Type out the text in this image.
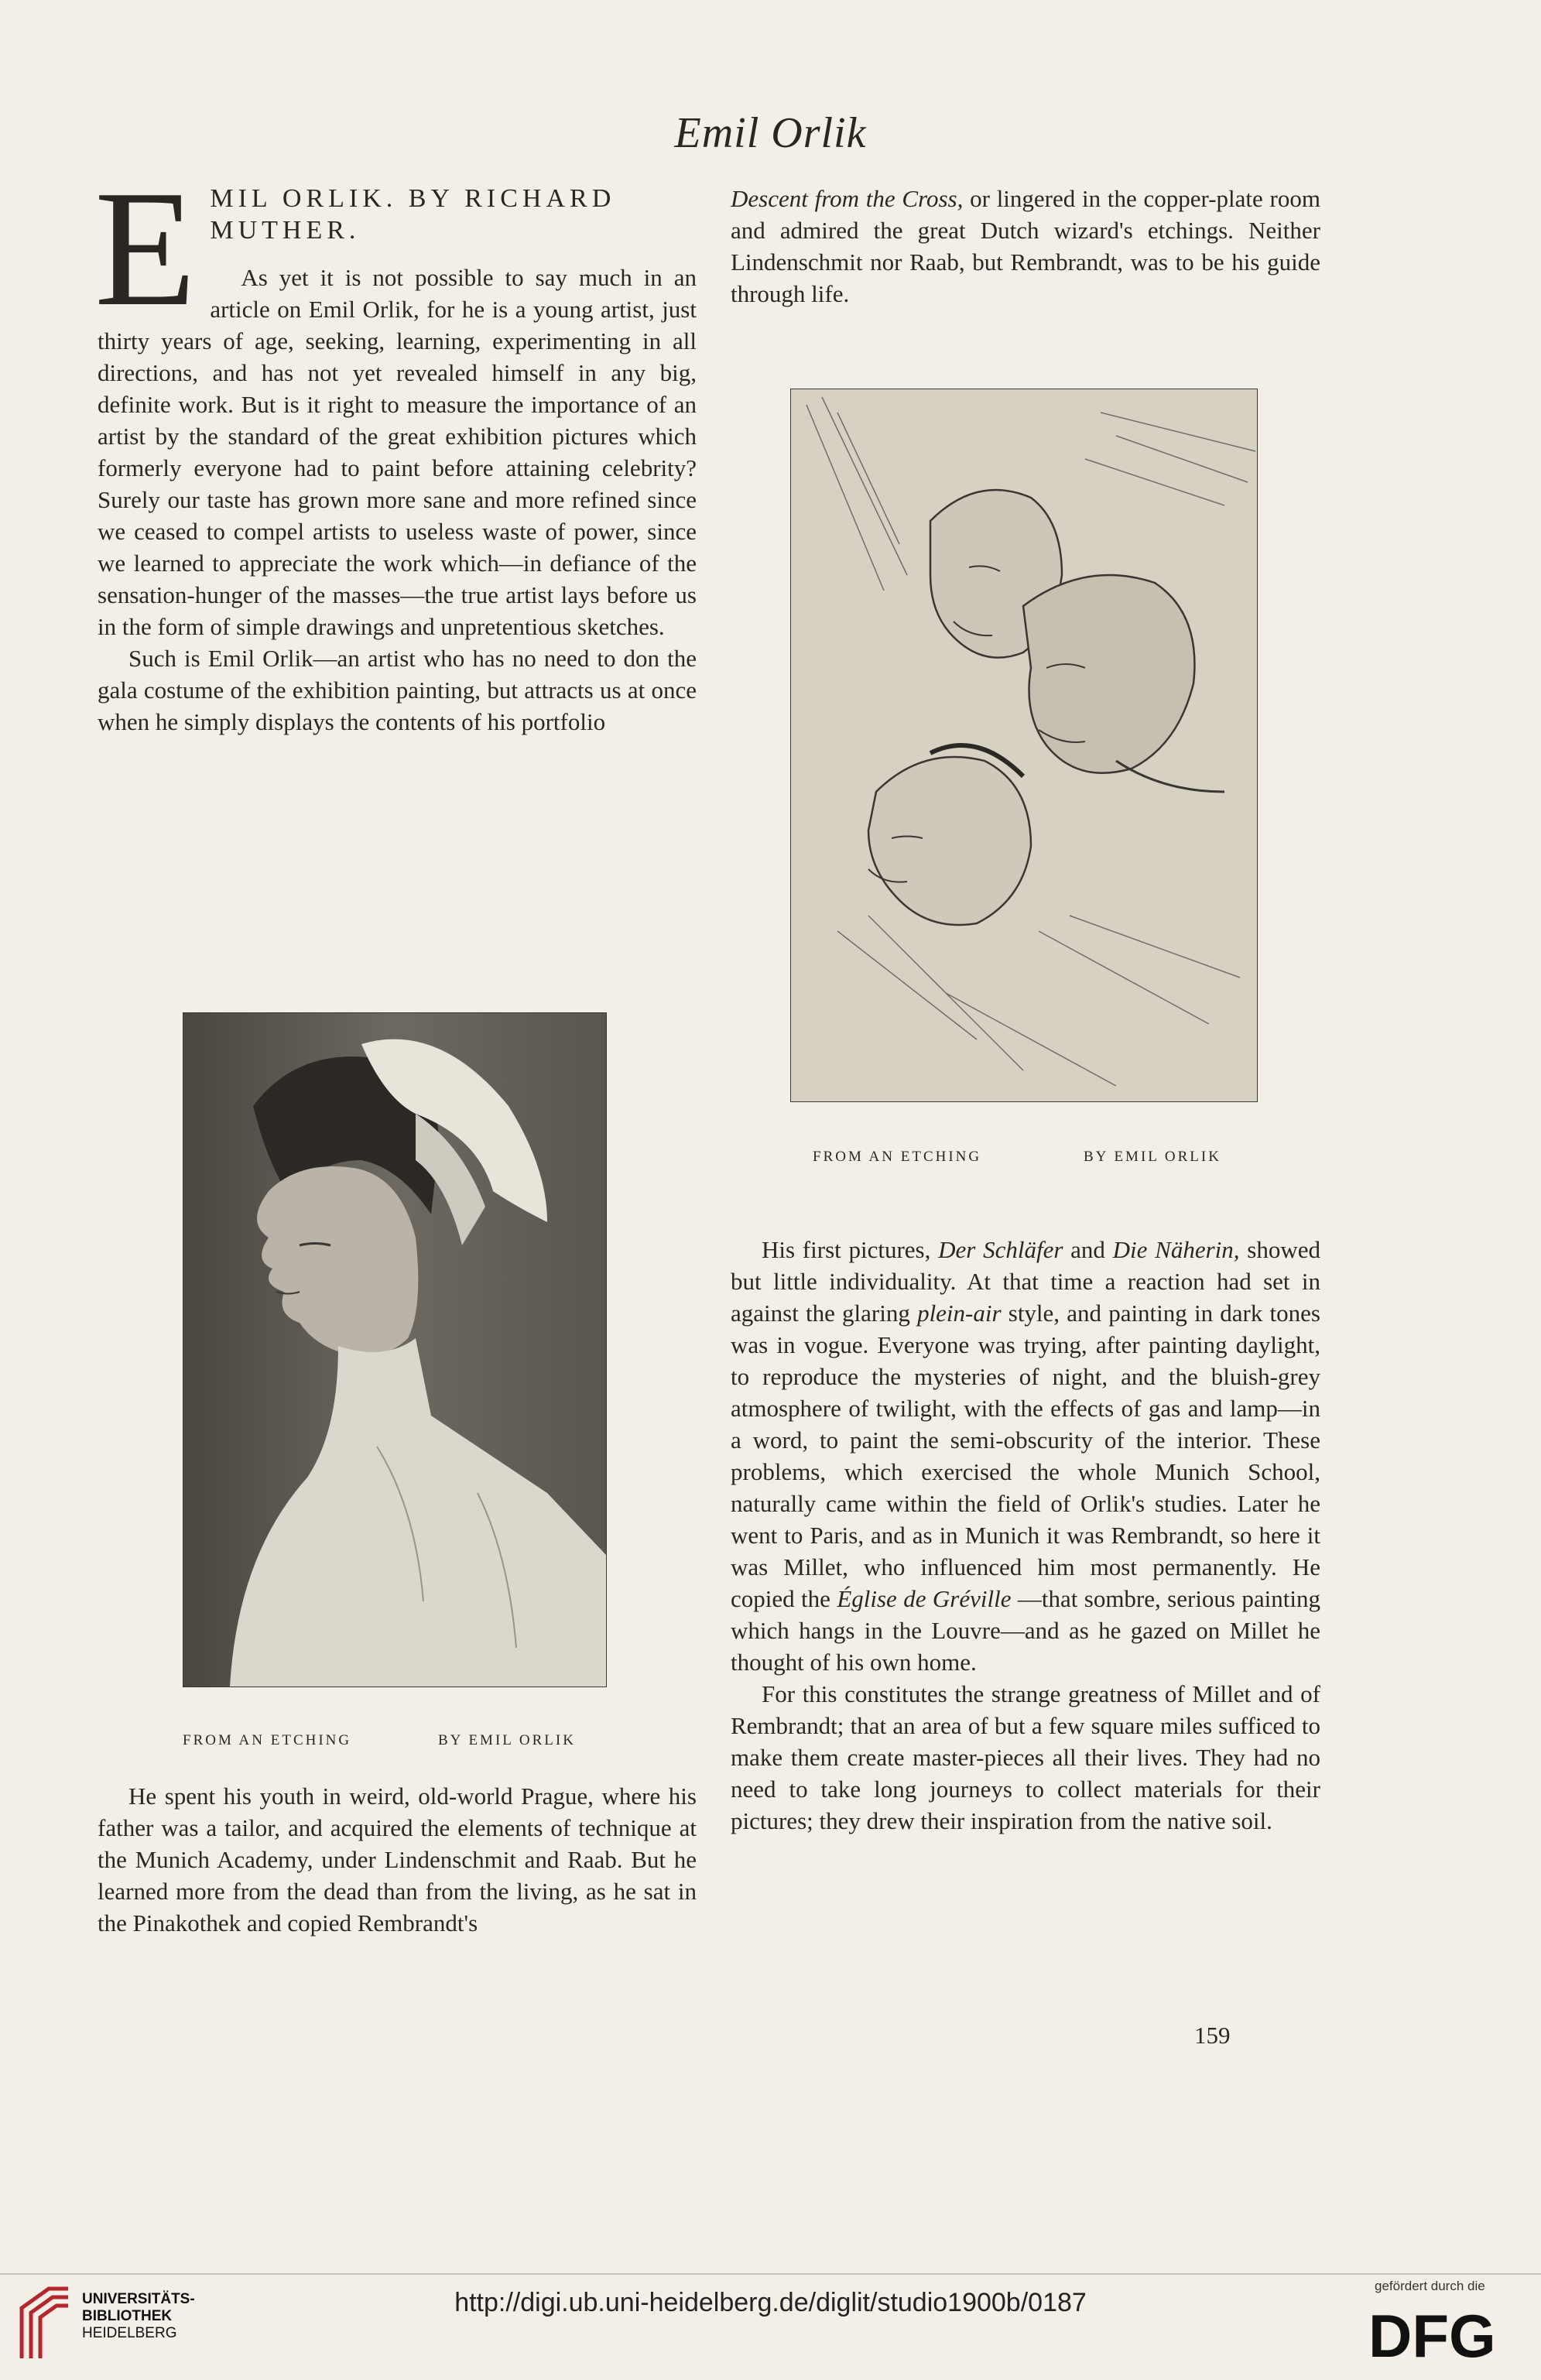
Emil Orlik
E MIL ORLIK. BY RICHARD
MUTHER.

As yet it is not possible to say much in an article on Emil Orlik, for he is a young artist, just thirty years of age, seeking, learning, experimenting in all directions, and has not yet revealed himself in any big, definite work. But is it right to measure the importance of an artist by the standard of the great exhibition pictures which formerly everyone had to paint before attaining celebrity? Surely our taste has grown more sane and more refined since we ceased to compel artists to useless waste of power, since we learned to appreciate the work which—in defiance of the sensation-hunger of the masses—the true artist lays before us in the form of simple drawings and unpretentious sketches.

Such is Emil Orlik—an artist who has no need to don the gala costume of the exhibition painting, but attracts us at once when he simply displays the contents of his portfolio

FROM AN ETCHING	BY EMIL ORLIK

He spent his youth in weird, old-world Prague, where his father was a tailor, and acquired the elements of technique at the Munich Academy, under Lindenschmit and Raab. But he learned more from the dead than from the living, as he sat in the Pinakothek and copied Rembrandt's

Descent from the Cross, or lingered in the copper-plate room and admired the great Dutch wizard's etchings. Neither Lindenschmit nor Raab, but Rembrandt, was to be his guide through life.

FROM AN ETCHING	BY EMIL ORLIK

His first pictures, Der Schläfer and Die Näherin, showed but little individuality. At that time a reaction had set in against the glaring plein-air style, and painting in dark tones was in vogue. Everyone was trying, after painting daylight, to reproduce the mysteries of night, and the bluish-grey atmosphere of twilight, with the effects of gas and lamp—in a word, to paint the semi-obscurity of the interior. These problems, which exercised the whole Munich School, naturally came within the field of Orlik's studies. Later he went to Paris, and as in Munich it was Rembrandt, so here it was Millet, who influenced him most permanently. He copied the Église de Gréville —that sombre, serious painting which hangs in the Louvre—and as he gazed on Millet he thought of his own home.

For this constitutes the strange greatness of Millet and of Rembrandt; that an area of but a few square miles sufficed to make them create master-pieces all their lives. They had no need to take long journeys to collect materials for their pictures; they drew their inspiration from the native soil.

159
UNIVERSITÄTS-
BIBLIOTHEK
HEIDELBERG
http://digi.ub.uni-heidelberg.de/diglit/studio1900b/0187
gefördert durch die
DFG
